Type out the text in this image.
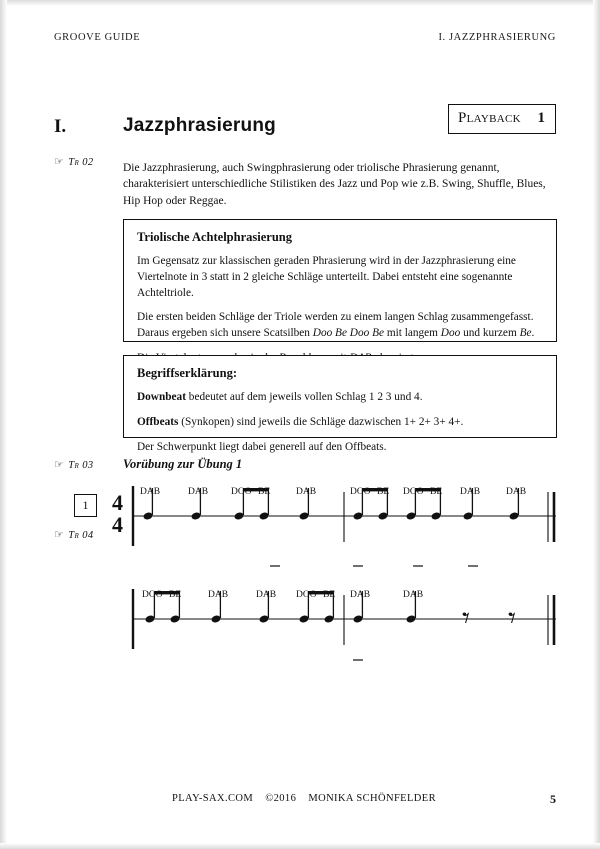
GROOVE GUIDE	I. JAZZPHRASIERUNG
Playback 1
I.	Jazzphrasierung
☞ Tr 02	Die Jazzphrasierung, auch Swingphrasierung oder triolische Phrasierung genannt, charakterisiert unterschiedliche Stilistiken des Jazz und Pop wie z.B. Swing, Shuffle, Blues, Hip Hop oder Reggae.
Triolische Achtelphrasierung

Im Gegensatz zur klassischen geraden Phrasierung wird in der Jazzphrasierung eine Viertelnote in 3 statt in 2 gleiche Schläge unterteilt. Dabei entsteht eine sogenannte Achteltriole.

Die ersten beiden Schläge der Triole werden zu einem langen Schlag zusammengefasst. Daraus ergeben sich unsere Scatsilben Doo Be Doo Be mit langem Doo und kurzem Be.

Begriffserklärung:

Downbeat bedeutet auf dem jeweils vollen Schlag 1 2 3 und 4.

Offbeats (Synkopen) sind jeweils die Schläge dazwischen 1+ 2+ 3+ 4+.

Der Schwerpunkt liegt dabei generell auf den Offbeats.

☞ Tr 03 Vorübung zur Übung 1
1
☞ Tr 04
4
4
DAB	DAB DOO BE	DAB	DOO BE DOO BE DAB	DAB
𝄾 𝄾
DOO BE	DAB	DAB DOO BE DAB	DAB
PLAY-SAX.COM ©2016 MONIKA SCHÖNFELDER	5
